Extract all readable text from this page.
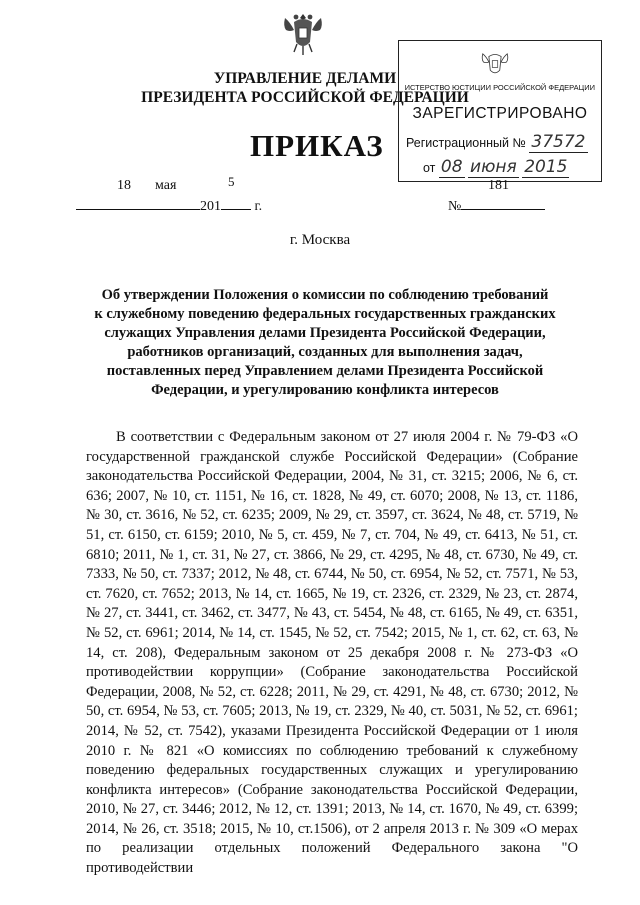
УПРАВЛЕНИЕ ДЕЛАМИ
ПРЕЗИДЕНТА РОССИЙСКОЙ ФЕДЕРАЦИИ
ПРИКАЗ
ИСТЕРСТВО ЮСТИЦИИ РОССИЙСКОЙ ФЕДЕРАЦИИ
ЗАРЕГИСТРИРОВАНО
Регистрационный № 37572
от 08 июня 2015
18 мая	5
201 г.
181
№
г. Москва
Об утверждении Положения о комиссии по соблюдению требований
к служебному поведению федеральных государственных гражданских
служащих Управления делами Президента Российской Федерации,
работников организаций, созданных для выполнения задач,
поставленных перед Управлением делами Президента Российской
Федерации, и урегулированию конфликта интересов

В соответствии с Федеральным законом от 27 июля 2004 г. № 79-ФЗ «О государственной гражданской службе Российской Федерации» (Собрание законодательства Российской Федерации, 2004, № 31, ст. 3215; 2006, № 6, ст. 636; 2007, № 10, ст. 1151, № 16, ст. 1828, № 49, ст. 6070; 2008, № 13, ст. 1186, № 30, ст. 3616, № 52, ст. 6235; 2009, № 29, ст. 3597, ст. 3624, № 48, ст. 5719, № 51, ст. 6150, ст. 6159; 2010, № 5, ст. 459, № 7, ст. 704, № 49, ст. 6413, № 51, ст. 6810; 2011, № 1, ст. 31, № 27, ст. 3866, № 29, ст. 4295, № 48, ст. 6730, № 49, ст. 7333, № 50, ст. 7337; 2012, № 48, ст. 6744, № 50, ст. 6954, № 52, ст. 7571, № 53, ст. 7620, ст. 7652; 2013, № 14, ст. 1665, № 19, ст. 2326, ст. 2329, № 23, ст. 2874, № 27, ст. 3441, ст. 3462, ст. 3477, № 43, ст. 5454, № 48, ст. 6165, № 49, ст. 6351, № 52, ст. 6961; 2014, № 14, ст. 1545, № 52, ст. 7542; 2015, № 1, ст. 62, ст. 63, № 14, ст. 208), Федеральным законом от 25 декабря 2008 г. № 273-ФЗ «О противодействии коррупции» (Собрание законодательства Российской Федерации, 2008, № 52, ст. 6228; 2011, № 29, ст. 4291, № 48, ст. 6730; 2012, № 50, ст. 6954, № 53, ст. 7605; 2013, № 19, ст. 2329, № 40, ст. 5031, № 52, ст. 6961; 2014, № 52, ст. 7542), указами Президента Российской Федерации от 1 июля 2010 г. № 821 «О комиссиях по соблюдению требований к служебному поведению федеральных государственных служащих и урегулированию конфликта интересов» (Собрание законодательства Российской Федерации, 2010, № 27, ст. 3446; 2012, № 12, ст. 1391; 2013, № 14, ст. 1670, № 49, ст. 6399; 2014, № 26, ст. 3518; 2015, № 10, ст.1506), от 2 апреля 2013 г. № 309 «О мерах по реализации отдельных положений Федерального закона "О противодействии
